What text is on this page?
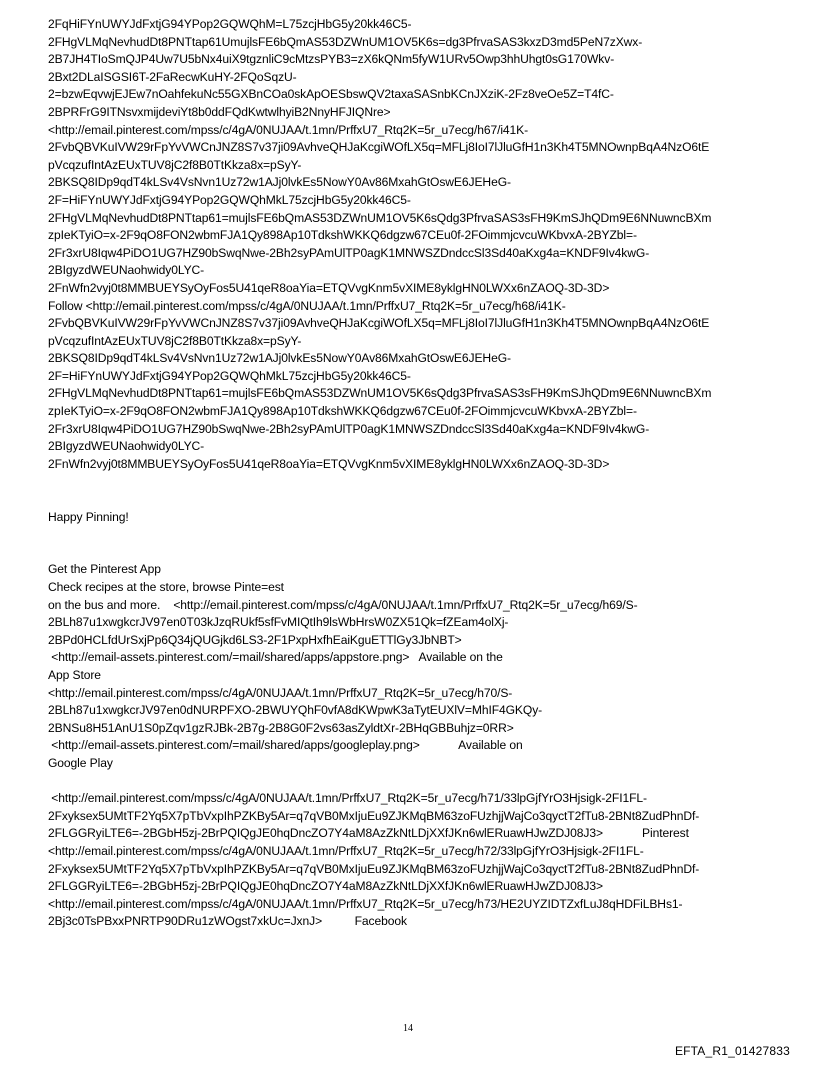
2FqHiFYnUWYJdFxtjG94YPop2GQWQhM=L75zcjHbG5y20kk46C5-
2FHgVLMqNevhudDt8PNTtap61UmujlsFE6bQmAS53DZWnUM1OV5K6s=dg3PfrvaSAS3kxzD3md5PeN7zXwx-
2B7JH4TIoSmQJP4Uw7U5bNx4uiX9tgznliC9cMtzsPYB3=zX6kQNm5fyW1URv5Owp3hhUhgt0sG170Wkv-
2Bxt2DLaISGSI6T-2FaRecwKuHY-2FQoSqzU-
2=bzwEqvwjEJEw7nOahfekuNc55GXBnCOa0skApOESbswQV2taxaSASnbKCnJXziK-2Fz8veOe5Z=T4fC-
2BPRFrG9ITNsvxmijdeviYt8b0ddFQdKwtwlhyiB2NnyHFJIQNre>
<http://email.pinterest.com/mpss/c/4gA/0NUJAA/t.1mn/PrffxU7_Rtq2K=5r_u7ecg/h67/i41K-
2FvbQBVKuIVW29rFpYvVWCnJNZ8S7v37ji09AvhveQHJaKcgiWOfLX5q=MFLj8IoI7lJluGfH1n3Kh4T5MNOwnpBqA4NzO6tE
pVcqzufIntAzEUxTUV8jC2f8B0TtKkza8x=pSyY-
2BKSQ8IDp9qdT4kLSv4VsNvn1Uz72w1AJj0lvkEs5NowY0Av86MxahGtOswE6JEHeG-
2F=HiFYnUWYJdFxtjG94YPop2GQWQhMkL75zcjHbG5y20kk46C5-
2FHgVLMqNevhudDt8PNTtap61=mujlsFE6bQmAS53DZWnUM1OV5K6sQdg3PfrvaSAS3sFH9KmSJhQDm9E6NNuwncBXm
zpIeKTyiO=x-2F9qO8FON2wbmFJA1Qy898Ap10TdkshWKKQ6dgzw67CEu0f-2FOimmjcvcuWKbvxA-2BYZbl=-
2Fr3xrU8Iqw4PiDO1UG7HZ90bSwqNwe-2Bh2syPAmUlTP0agK1MNWSZDndccSl3Sd40aKxg4a=KNDF9Iv4kwG-
2BIgyzdWEUNaohwidy0LYC-
2FnWfn2vyj0t8MMBUEYSyOyFos5U41qeR8oaYia=ETQVvgKnm5vXIME8yklgHN0LWXx6nZAOQ-3D-3D>
Follow <http://email.pinterest.com/mpss/c/4gA/0NUJAA/t.1mn/PrffxU7_Rtq2K=5r_u7ecg/h68/i41K-
2FvbQBVKuIVW29rFpYvVWCnJNZ8S7v37ji09AvhveQHJaKcgiWOfLX5q=MFLj8IoI7lJluGfH1n3Kh4T5MNOwnpBqA4NzO6tE
pVcqzufIntAzEUxTUV8jC2f8B0TtKkza8x=pSyY-
2BKSQ8IDp9qdT4kLSv4VsNvn1Uz72w1AJj0lvkEs5NowY0Av86MxahGtOswE6JEHeG-
2F=HiFYnUWYJdFxtjG94YPop2GQWQhMkL75zcjHbG5y20kk46C5-
2FHgVLMqNevhudDt8PNTtap61=mujlsFE6bQmAS53DZWnUM1OV5K6sQdg3PfrvaSAS3sFH9KmSJhQDm9E6NNuwncBXm
zpIeKTyiO=x-2F9qO8FON2wbmFJA1Qy898Ap10TdkshWKKQ6dgzw67CEu0f-2FOimmjcvcuWKbvxA-2BYZbl=-
2Fr3xrU8Iqw4PiDO1UG7HZ90bSwqNwe-2Bh2syPAmUlTP0agK1MNWSZDndccSl3Sd40aKxg4a=KNDF9Iv4kwG-
2BIgyzdWEUNaohwidy0LYC-
2FnWfn2vyj0t8MMBUEYSyOyFos5U41qeR8oaYia=ETQVvgKnm5vXIME8yklgHN0LWXx6nZAOQ-3D-3D>
Happy Pinning!
Get the Pinterest App
Check recipes at the store, browse Pinte=est
on the bus and more.    <http://email.pinterest.com/mpss/c/4gA/0NUJAA/t.1mn/PrffxU7_Rtq2K=5r_u7ecg/h69/S-
2BLh87u1xwgkcrJV97en0T03kJzqRUkf5sfFvMIQtIh9lsWbHrsW0ZX51Qk=fZEam4olXj-
2BPd0HCLfdUrSxjPp6Q34jQUGjkd6LS3-2F1PxpHxfhEaiKguETTlGy3JbNBT>
<http://email-assets.pinterest.com/=mail/shared/apps/appstore.png>   Available on the
App Store
<http://email.pinterest.com/mpss/c/4gA/0NUJAA/t.1mn/PrffxU7_Rtq2K=5r_u7ecg/h70/S-
2BLh87u1xwgkcrJV97en0dNURPFXO-2BWUYQhF0vfA8dKWpwK3aTytEUXlV=MhIF4GKQy-
2BNSu8H51AnU1S0pZqv1gzRJBk-2B7g-2B8G0F2vs63asZyldtXr-2BHqGBBuhjz=0RR>
<http://email-assets.pinterest.com/=mail/shared/apps/googleplay.png>            Available on
Google Play
<http://email.pinterest.com/mpss/c/4gA/0NUJAA/t.1mn/PrffxU7_Rtq2K=5r_u7ecg/h71/33lpGjfYrO3Hjsigk-2FI1FL-
2Fxyksex5UMtTF2Yq5X7pTbVxpIhPZKBy5Ar=q7qVB0MxIjuEu9ZJKMqBM63zoFUzhjjWajCo3qyctT2fTu8-2BNt8ZudPhnDf-
2FLGGRyiLTE6=-2BGbH5zj-2BrPQIQgJE0hqDncZO7Y4aM8AzZkNtLDjXXfJKn6wlERuawHJwZDJ08J3>            Pinterest
<http://email.pinterest.com/mpss/c/4gA/0NUJAA/t.1mn/PrffxU7_Rtq2K=5r_u7ecg/h72/33lpGjfYrO3Hjsigk-2FI1FL-
2Fxyksex5UMtTF2Yq5X7pTbVxpIhPZKBy5Ar=q7qVB0MxIjuEu9ZJKMqBM63zoFUzhjjWajCo3qyctT2fTu8-2BNt8ZudPhnDf-
2FLGGRyiLTE6=-2BGbH5zj-2BrPQIQgJE0hqDncZO7Y4aM8AzZkNtLDjXXfJKn6wlERuawHJwZDJ08J3>
<http://email.pinterest.com/mpss/c/4gA/0NUJAA/t.1mn/PrffxU7_Rtq2K=5r_u7ecg/h73/HE2UYZIDTZxfLuJ8qHDFiLBHs1-
2Bj3c0TsPBxxPNRTP90DRu1zWOgst7xkUc=JxnJ>          Facebook
14
EFTA_R1_01427833
